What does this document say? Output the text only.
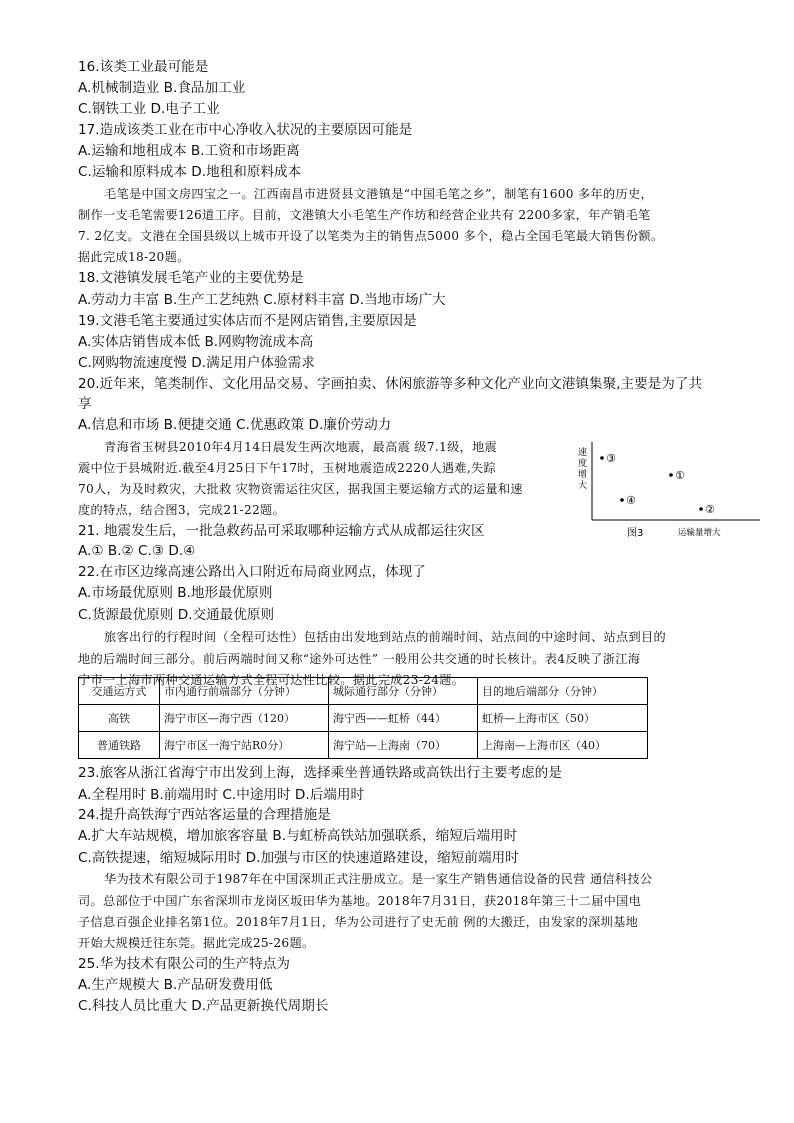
16.该类工业最可能是
A.机械制造业 B.食品加工业
C.钢铁工业 D.电子工业
17.造成该类工业在市中心净收入状况的主要原因可能是
A.运输和地租成本 B.工资和市场距离
C.运输和原料成本 D.地租和原料成本
毛笔是中国文房四宝之一。江西南昌市进贤县文港镇是“中国毛笔之乡”，制笔有1600 多年的历史，
制作一支毛笔需要126道工序。目前，文港镇大小毛笔生产作坊和经营企业共有 2200多家，年产销毛笔
7. 2亿支。文港在全国县级以上城市开设了以笔类为主的销售点5000 多个，稳占全国毛笔最大销售份额。
据此完成18-20题。
18.文港镇发展毛笔产业的主要优势是
A.劳动力丰富 B.生产工艺纯熟 C.原材料丰富 D.当地市场广大
19.文港毛笔主要通过实体店而不是网店销售,主要原因是
A.实体店销售成本低 B.网购物流成本高
C.网购物流速度慢 D.满足用户体验需求
20.近年来，笔类制作、文化用品交易、字画拍卖、休闲旅游等多种文化产业向文港镇集聚,主要是为了共
享
A.信息和市场 B.便捷交通 C.优惠政策 D.廉价劳动力
青海省玉树县2010年4月14日晨发生两次地震，最高震 级7.1级，地震
震中位于县城附近.截至4月25日下午17时，玉树地震造成2220人遇难,失踪
70人，为及时救灾，大批救 灾物资需运往灾区，据我国主要运输方式的运量和速
度的特点，结合图3，完成21-22题。
21. 地震发生后，一批急救药品可采取哪种运输方式从成都运往灾区
A.① B.② C.③ D.④
22.在市区边缘高速公路出入口附近布局商业网点，体现了
A.市场最优原则 B.地形最优原则
C.货源最优原则 D.交通最优原则
旅客出行的行程时间（全程可达性）包括由出发地到站点的前端时间、站点间的中途时间、站点到目的
地的后端时间三部分。前后两端时间又称“途外可达性” 一般用公共交通的时长核计。表4反映了浙江海
宁市一上海市两种交通运输方式全程可达性比较。据此完成23-24题。
23.旅客从浙江省海宁市出发到上海，选择乘坐普通铁路或高铁出行主要考虑的是
A.全程用时 B.前端用时 C.中途用时 D.后端用时
24.提升高铁海宁西站客运量的合理措施是
A.扩大车站规模，增加旅客容量 B.与虹桥高铁站加强联系，缩短后端用时
C.高铁提速，缩短城际用时 D.加强与市区的快速道路建设，缩短前端用时
华为技术有限公司于1987年在中国深圳正式注册成立。是一家生产销售通信设备的民营 通信科技公
司。总部位于中国广东省深圳市龙岗区坂田华为基地。2018年7月31日，获2018年第三十二届中国电
子信息百强企业排名第1位。2018年7月1日，华为公司进行了史无前 例的大搬迁，由发家的深圳基地
开始大规模迁往东莞。据此完成25-26题。
25.华为技术有限公司的生产特点为
A.生产规模大 B.产品研发费用低
C.科技人员比重大 D.产品更新换代周期长
交通运方式	市内通行前端部分（分钟）	城际通行部分（分钟）	目的地后端部分（分钟）
高铁	海宁市区—海宁西（120）	海宁西——虹桥（44）	虹桥—上海市区（50）
普通铁路	海宁市区一海宁站R0分）	海宁站—上海南（70）	上海南—上海市区（40）
速
度
增
大
③
①
④
②
图3	运输量增大
